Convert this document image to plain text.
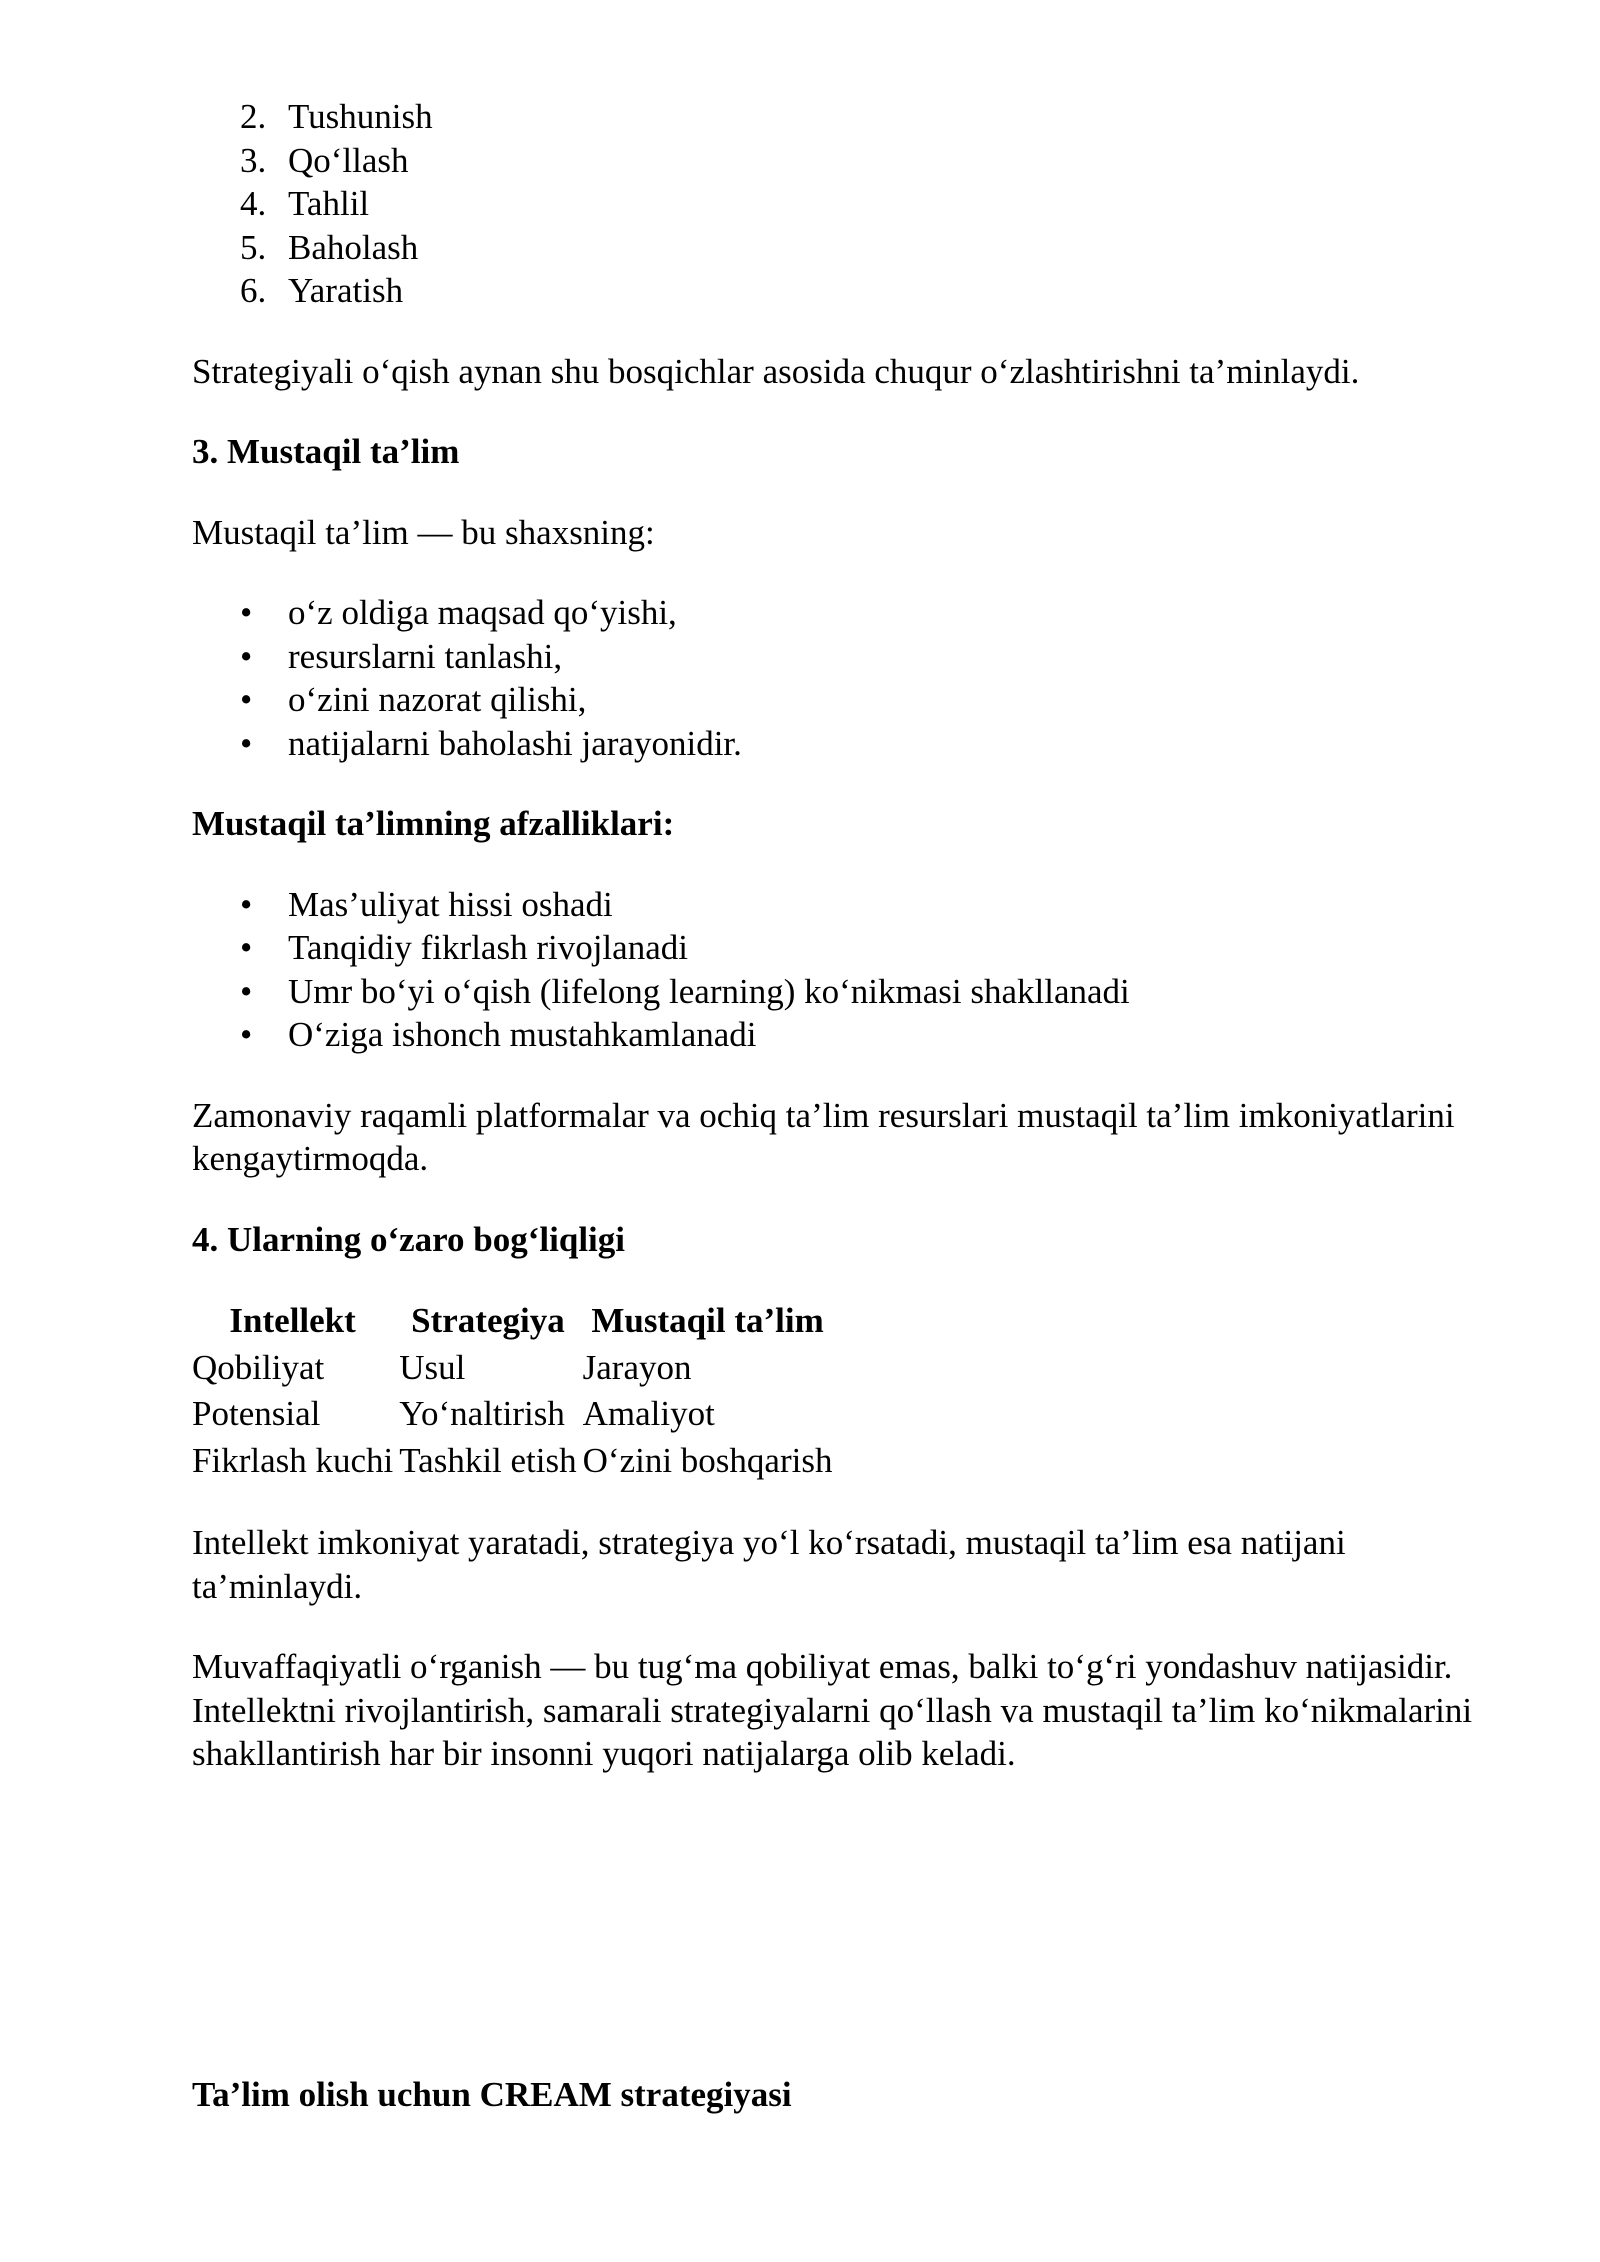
2. Tushunish
3. Qo‘llash
4. Tahlil
5. Baholash
6. Yaratish

Strategiyali o‘qish aynan shu bosqichlar asosida chuqur o‘zlashtirishni ta’minlaydi.

3. Mustaqil ta’lim

Mustaqil ta’lim — bu shaxsning:

•	o‘z oldiga maqsad qo‘yishi,
•	resurslarni tanlashi,
•	o‘zini nazorat qilishi,
•	natijalarni baholashi jarayonidir.
Mustaqil ta’limning afzalliklari:
•	Mas’uliyat hissi oshadi
•	Tanqidiy fikrlash rivojlanadi
•	Umr bo‘yi o‘qish (lifelong learning) ko‘nikmasi shakllanadi
•	O‘ziga ishonch mustahkamlanadi

Zamonaviy raqamli platformalar va ochiq ta’lim resurslari mustaqil ta’lim imkoniyatlarini kengaytirmoqda.

4. Ularning o‘zaro bog‘liqligi
Intellekt	Strategiya	Mustaqil ta’lim
Qobiliyat	Usul	Jarayon
Potensial	Yo‘naltirish	Amaliyot
Fikrlash kuchi	Tashkil etish	O‘zini boshqarish

Intellekt imkoniyat yaratadi, strategiya yo‘l ko‘rsatadi, mustaqil ta’lim esa natijani ta’minlaydi.

Muvaffaqiyatli o‘rganish — bu tug‘ma qobiliyat emas, balki to‘g‘ri yondashuv natijasidir. Intellektni rivojlantirish, samarali strategiyalarni qo‘llash va mustaqil ta’lim ko‘nikmalarini shakllantirish har bir insonni yuqori natijalarga olib keladi.

Ta’lim olish uchun CREAM strategiyasi
